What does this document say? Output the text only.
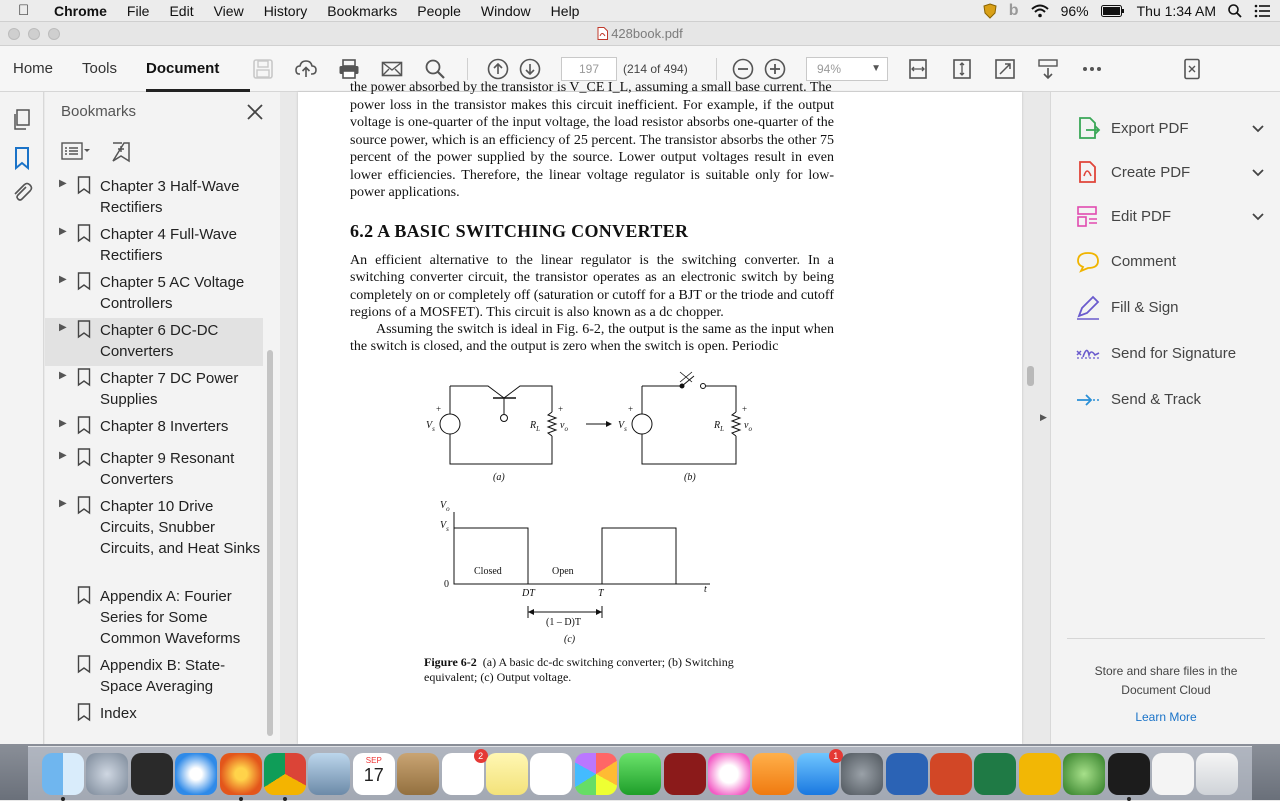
Chrome File Edit View History Bookmarks People Window Help	b	96%	Thu 1:34 AM
428book.pdf
Home Tools Document	197	(214 of 494)	94%	▼
Bookmarks
▶ Chapter 3 Half-Wave Rectifiers
▶ Chapter 4 Full-Wave Rectifiers
▶ Chapter 5 AC Voltage Controllers
▶ Chapter 6 DC-DC Converters
▶ Chapter 7 DC Power Supplies
▶ Chapter 8 Inverters
▶ Chapter 9 Resonant Converters
▶ Chapter 10 Drive Circuits, Snubber Circuits, and Heat Sinks
Appendix A: Fourier Series for Some Common Waveforms
Appendix B: State-Space Averaging
Index
the power absorbed by the transistor is V_CE I_L, assuming a small base current. The
power loss in the transistor makes this circuit inefficient. For example, if the output voltage is one-quarter of the input voltage, the load resistor absorbs one-quarter of the source power, which is an efficiency of 25 percent. The transistor absorbs the other 75 percent of the power supplied by the source. Lower output voltages result in even lower efficiencies. Therefore, the linear voltage regulator is suitable only for low-power applications.
6.2 A BASIC SWITCHING CONVERTER
An efficient alternative to the linear regulator is the switching converter. In a switching converter circuit, the transistor operates as an electronic switch by being completely on or completely off (saturation or cutoff for a BJT or the triode and cutoff regions of a MOSFET). This circuit is also known as a dc chopper.
Assuming the switch is ideal in Fig. 6-2, the output is the same as the input when the switch is closed, and the output is zero when the switch is open. Periodic
$V_s$
+
$R_L$ $v_o$
+
(a)
$V_s$
+
$R_L$ $v_o$
+
(b)
$V_o$
$V_s$
0
Closed	Open
DT	T	t
(1 – D)T
(c)
Figure 6-2 (a) A basic dc-dc switching converter; (b) Switching equivalent; (c) Output voltage.
▶
Export PDF
Create PDF
Edit PDF
Comment
Fill & Sign
Send for Signature
Send & Track
Store and share files in the Document Cloud
Learn More
SEP
17
2	1
